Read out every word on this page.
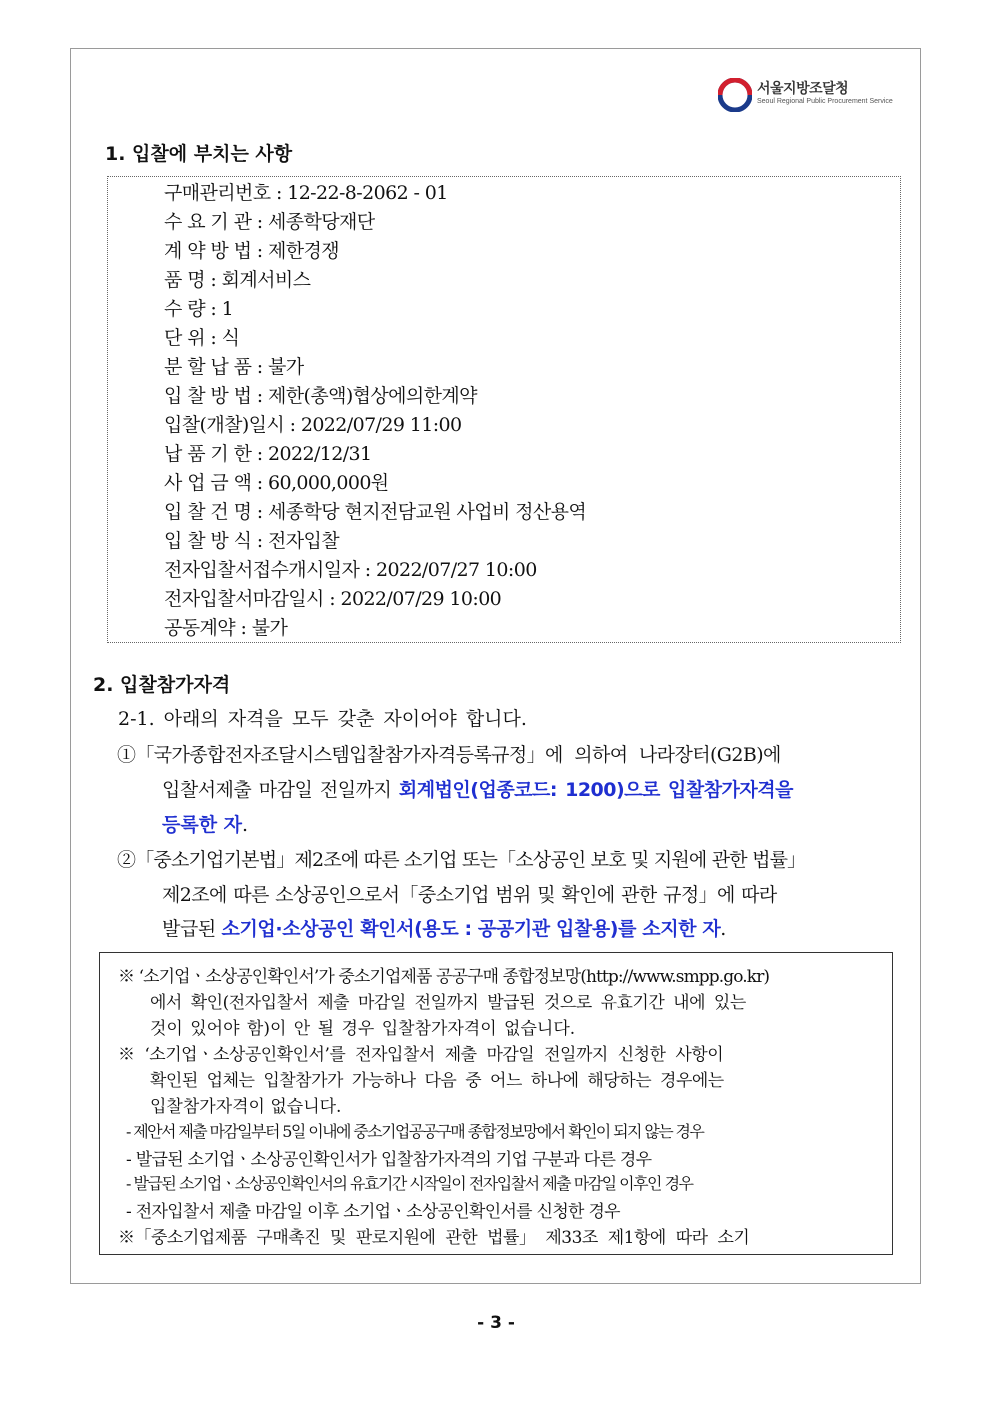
서울지방조달청
Seoul Regional Public Procurement Service
1. 입찰에 부치는 사항
구매관리번호 : 12-22-8-2062 - 01
수 요 기 관 : 세종학당재단
계 약 방 법 : 제한경쟁
품 명 : 회계서비스
수 량 : 1
단 위 : 식
분 할 납 품 : 불가
입 찰 방 법 : 제한(총액)협상에의한계약
입찰(개찰)일시 : 2022/07/29 11:00
납 품 기 한 : 2022/12/31
사 업 금 액 : 60,000,000원
입 찰 건 명 : 세종학당 현지전담교원 사업비 정산용역
입 찰 방 식 : 전자입찰
전자입찰서접수개시일자 : 2022/07/27 10:00
전자입찰서마감일시 : 2022/07/29 10:00
공동계약 : 불가
2. 입찰참가자격
2-1. 아래의 자격을 모두 갖춘 자이어야 합니다.
①「국가종합전자조달시스템입찰참가자격등록규정」에 의하여 나라장터(G2B)에
입찰서제출 마감일 전일까지 회계법인(업종코드: 1200)으로 입찰참가자격을
등록한 자.
②「중소기업기본법」제2조에 따른 소기업 또는「소상공인 보호 및 지원에 관한 법률」
제2조에 따른 소상공인으로서「중소기업 범위 및 확인에 관한 규정」에 따라
발급된 소기업·소상공인 확인서(용도 : 공공기관 입찰용)를 소지한 자.
※ ‘소기업ㆍ소상공인확인서’가 중소기업제품 공공구매 종합정보망(http://www.smpp.go.kr)
에서 확인(전자입찰서 제출 마감일 전일까지 발급된 것으로 유효기간 내에 있는
것이 있어야 함)이 안 될 경우 입찰참가자격이 없습니다.
※ ‘소기업ㆍ소상공인확인서’를 전자입찰서 제출 마감일 전일까지 신청한 사항이
확인된 업체는 입찰참가가 가능하나 다음 중 어느 하나에 해당하는 경우에는
입찰참가자격이 없습니다.
- 제안서 제출 마감일부터 5일 이내에 중소기업공공구매 종합정보망에서 확인이 되지 않는 경우
- 발급된 소기업ㆍ소상공인확인서가 입찰참가자격의 기업 구분과 다른 경우
- 발급된 소기업ㆍ소상공인확인서의 유효기간 시작일이 전자입찰서 제출 마감일 이후인 경우
- 전자입찰서 제출 마감일 이후 소기업ㆍ소상공인확인서를 신청한 경우
※「중소기업제품 구매촉진 및 판로지원에 관한 법률」 제33조 제1항에 따라 소기
- 3 -
